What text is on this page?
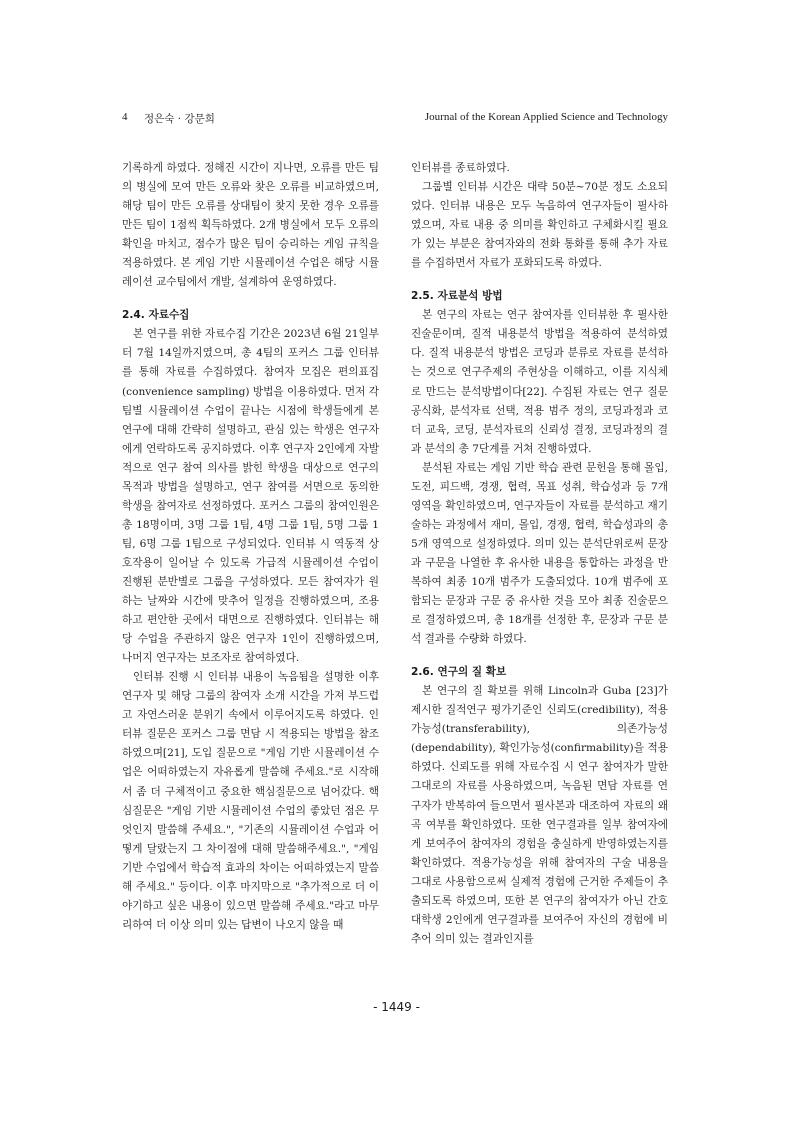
4 정은숙 · 강문희	Journal of the Korean Applied Science and Technology

기록하게 하였다. 정해진 시간이 지나면, 오류를 만든 팀의 병실에 모여 만든 오류와 찾은 오류를 비교하였으며, 해당 팀이 만든 오류를 상대팀이 찾지 못한 경우 오류를 만든 팀이 1점씩 획득하였다. 2개 병실에서 모두 오류의 확인을 마치고, 점수가 많은 팀이 승리하는 게임 규칙을 적용하였다. 본 게임 기반 시뮬레이션 수업은 해당 시뮬레이션 교수팀에서 개발, 설계하여 운영하였다.

2.4. 자료수집

본 연구를 위한 자료수집 기간은 2023년 6월 21일부터 7월 14일까지였으며, 총 4팀의 포커스 그룹 인터뷰를 통해 자료를 수집하였다. 참여자 모집은 편의표집(convenience sampling) 방법을 이용하였다. 먼저 각 팀별 시뮬레이션 수업이 끝나는 시점에 학생들에게 본 연구에 대해 간략히 설명하고, 관심 있는 학생은 연구자에게 연락하도록 공지하였다. 이후 연구자 2인에게 자발적으로 연구 참여 의사를 밝힌 학생을 대상으로 연구의 목적과 방법을 설명하고, 연구 참여를 서면으로 동의한 학생을 참여자로 선정하였다. 포커스 그룹의 참여인원은 총 18명이며, 3명 그룹 1팀, 4명 그룹 1팀, 5명 그룹 1팀, 6명 그룹 1팀으로 구성되었다. 인터뷰 시 역동적 상호작용이 일어날 수 있도록 가급적 시뮬레이션 수업이 진행된 분반별로 그룹을 구성하였다. 모든 참여자가 원하는 날짜와 시간에 맞추어 일정을 진행하였으며, 조용하고 편안한 곳에서 대면으로 진행하였다. 인터뷰는 해당 수업을 주관하지 않은 연구자 1인이 진행하였으며, 나머지 연구자는 보조자로 참여하였다.

인터뷰 진행 시 인터뷰 내용이 녹음됨을 설명한 이후 연구자 및 해당 그룹의 참여자 소개 시간을 가져 부드럽고 자연스러운 분위기 속에서 이루어지도록 하였다. 인터뷰 질문은 포커스 그룹 면담 시 적용되는 방법을 참조하였으며[21], 도입 질문으로 "게임 기반 시뮬레이션 수업은 어떠하였는지 자유롭게 말씀해 주세요."로 시작해서 좀 더 구체적이고 중요한 핵심질문으로 넘어갔다. 핵심질문은 "게임 기반 시뮬레이션 수업의 좋았던 점은 무엇인지 말씀해 주세요.", "기존의 시뮬레이션 수업과 어떻게 달랐는지 그 차이점에 대해 말씀해주세요.", "게임 기반 수업에서 학습적 효과의 차이는 어떠하였는지 말씀해 주세요." 등이다. 이후 마지막으로 "추가적으로 더 이야기하고 싶은 내용이 있으면 말씀해 주세요."라고 마무리하여 더 이상 의미 있는 답변이 나오지 않을 때

인터뷰를 종료하였다.

그룹별 인터뷰 시간은 대략 50분~70분 정도 소요되었다. 인터뷰 내용은 모두 녹음하여 연구자들이 필사하였으며, 자료 내용 중 의미를 확인하고 구체화시킬 필요가 있는 부분은 참여자와의 전화 통화를 통해 추가 자료를 수집하면서 자료가 포화되도록 하였다.

2.5. 자료분석 방법

본 연구의 자료는 연구 참여자를 인터뷰한 후 필사한 진술문이며, 질적 내용분석 방법을 적용하여 분석하였다. 질적 내용분석 방법은 코딩과 분류로 자료를 분석하는 것으로 연구주제의 주현상을 이해하고, 이를 지식체로 만드는 분석방법이다[22]. 수집된 자료는 연구 질문 공식화, 분석자료 선택, 적용 범주 정의, 코딩과정과 코더 교육, 코딩, 분석자료의 신뢰성 결정, 코딩과정의 결과 분석의 총 7단계를 거쳐 진행하였다.

분석된 자료는 게임 기반 학습 관련 문헌을 통해 몰입, 도전, 피드백, 경쟁, 협력, 목표 성취, 학습성과 등 7개 영역을 확인하였으며, 연구자들이 자료를 분석하고 재기술하는 과정에서 재미, 몰입, 경쟁, 협력, 학습성과의 총 5개 영역으로 설정하였다. 의미 있는 분석단위로써 문장과 구문을 나열한 후 유사한 내용을 통합하는 과정을 반복하여 최종 10개 범주가 도출되었다. 10개 범주에 포함되는 문장과 구문 중 유사한 것을 모아 최종 진술문으로 결정하였으며, 총 18개를 선정한 후, 문장과 구문 분석 결과를 수량화 하였다.

2.6. 연구의 질 확보

본 연구의 질 확보를 위해 Lincoln과 Guba [23]가 제시한 질적연구 평가기준인 신뢰도(credibility), 적용가능성(transferability), 의존가능성(dependability), 확인가능성(confirmability)을 적용하였다. 신뢰도를 위해 자료수집 시 연구 참여자가 말한 그대로의 자료를 사용하였으며, 녹음된 면담 자료를 연구자가 반복하여 들으면서 필사본과 대조하여 자료의 왜곡 여부를 확인하였다. 또한 연구결과를 일부 참여자에게 보여주어 참여자의 경험을 충실하게 반영하였는지를 확인하였다. 적용가능성을 위해 참여자의 구술 내용을 그대로 사용함으로써 실제적 경험에 근거한 주제들이 추출되도록 하였으며, 또한 본 연구의 참여자가 아닌 간호대학생 2인에게 연구결과를 보여주어 자신의 경험에 비추어 의미 있는 결과인지를

- 1449 -
